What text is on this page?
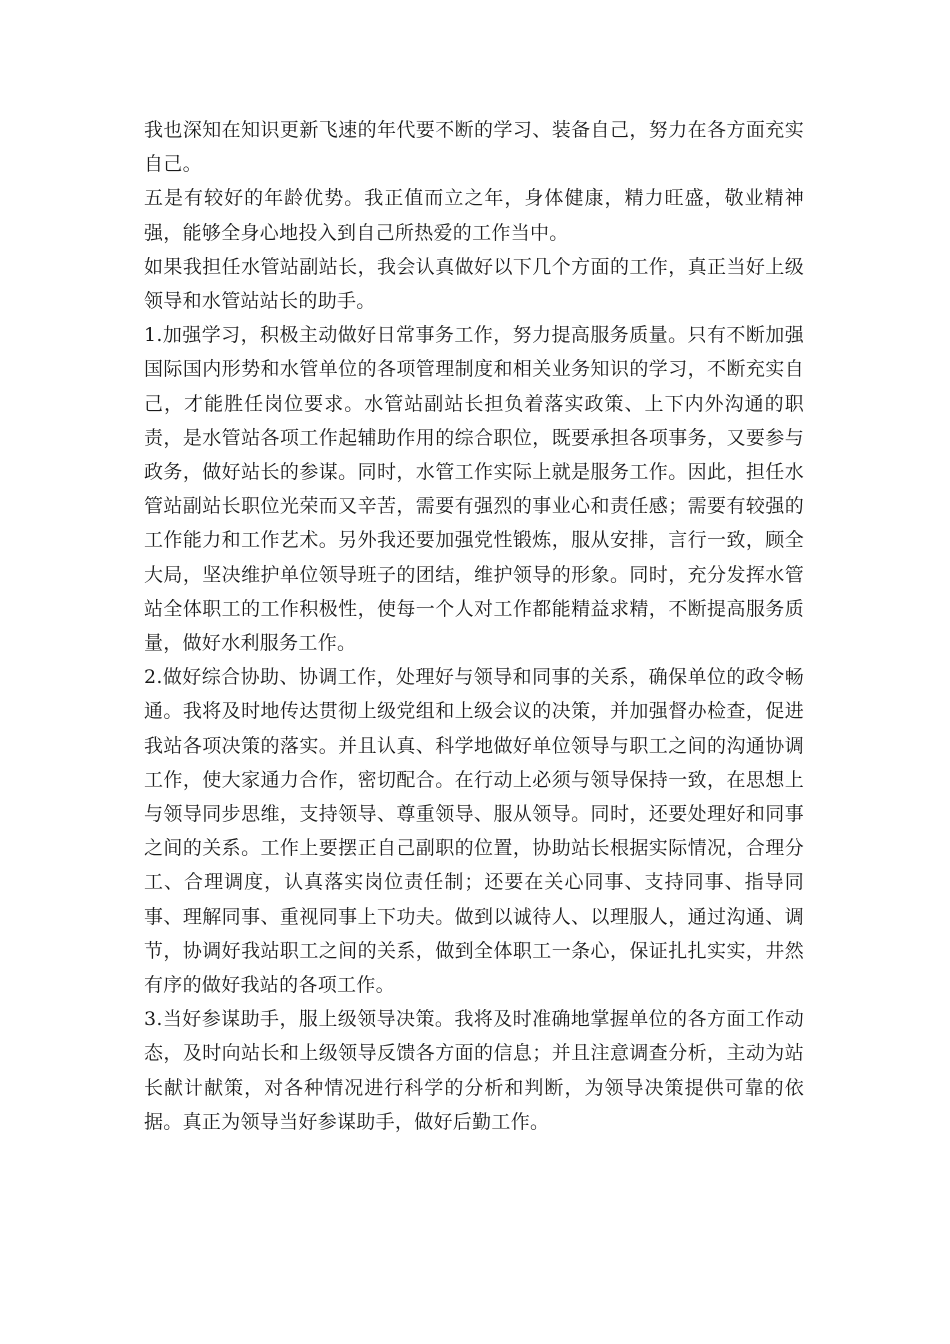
我也深知在知识更新飞速的年代要不断的学习、装备自己，努力在各方面充实自己。

五是有较好的年龄优势。我正值而立之年，身体健康，精力旺盛，敬业精神强，能够全身心地投入到自己所热爱的工作当中。

如果我担任水管站副站长，我会认真做好以下几个方面的工作，真正当好上级领导和水管站站长的助手。

1.加强学习，积极主动做好日常事务工作，努力提高服务质量。只有不断加强国际国内形势和水管单位的各项管理制度和相关业务知识的学习，不断充实自己，才能胜任岗位要求。水管站副站长担负着落实政策、上下内外沟通的职责，是水管站各项工作起辅助作用的综合职位，既要承担各项事务，又要参与政务，做好站长的参谋。同时，水管工作实际上就是服务工作。因此，担任水管站副站长职位光荣而又辛苦，需要有强烈的事业心和责任感；需要有较强的工作能力和工作艺术。另外我还要加强党性锻炼，服从安排，言行一致，顾全大局，坚决维护单位领导班子的团结，维护领导的形象。同时，充分发挥水管站全体职工的工作积极性，使每一个人对工作都能精益求精，不断提高服务质量，做好水利服务工作。

2.做好综合协助、协调工作，处理好与领导和同事的关系，确保单位的政令畅通。我将及时地传达贯彻上级党组和上级会议的决策，并加强督办检查，促进我站各项决策的落实。并且认真、科学地做好单位领导与职工之间的沟通协调工作，使大家通力合作，密切配合。在行动上必须与领导保持一致，在思想上与领导同步思维，支持领导、尊重领导、服从领导。同时，还要处理好和同事之间的关系。工作上要摆正自己副职的位置，协助站长根据实际情况，合理分工、合理调度，认真落实岗位责任制；还要在关心同事、支持同事、指导同事、理解同事、重视同事上下功夫。做到以诚待人、以理服人，通过沟通、调节，协调好我站职工之间的关系，做到全体职工一条心，保证扎扎实实，井然有序的做好我站的各项工作。

3.当好参谋助手，服上级领导决策。我将及时准确地掌握单位的各方面工作动态，及时向站长和上级领导反馈各方面的信息；并且注意调查分析，主动为站长献计献策，对各种情况进行科学的分析和判断，为领导决策提供可靠的依据。真正为领导当好参谋助手，做好后勤工作。
